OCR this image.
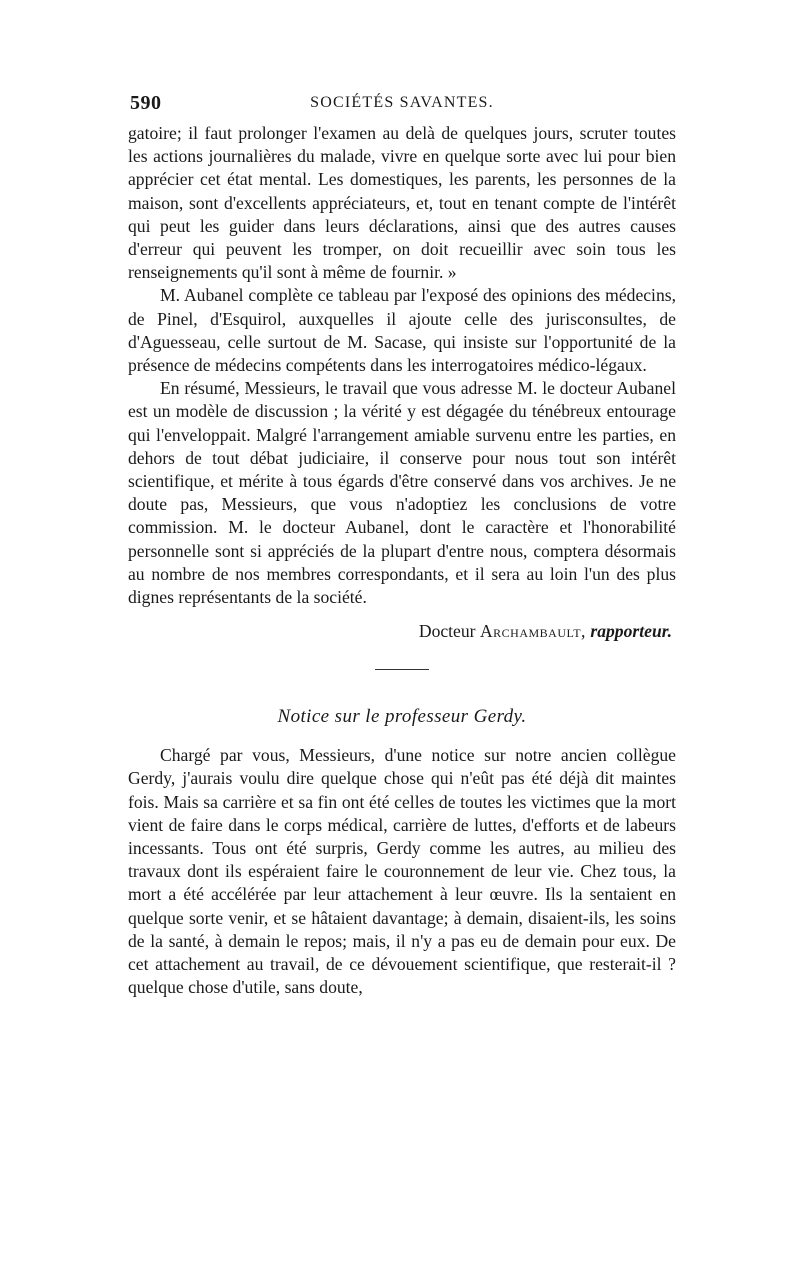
590	SOCIÉTÉS SAVANTES.

gatoire; il faut prolonger l'examen au delà de quelques jours, scruter toutes les actions journalières du malade, vivre en quelque sorte avec lui pour bien apprécier cet état mental. Les domestiques, les parents, les personnes de la maison, sont d'excellents appréciateurs, et, tout en tenant compte de l'intérêt qui peut les guider dans leurs déclarations, ainsi que des autres causes d'erreur qui peuvent les tromper, on doit recueillir avec soin tous les renseignements qu'il sont à même de fournir. »

M. Aubanel complète ce tableau par l'exposé des opinions des médecins, de Pinel, d'Esquirol, auxquelles il ajoute celle des jurisconsultes, de d'Aguesseau, celle surtout de M. Sacase, qui insiste sur l'opportunité de la présence de médecins compétents dans les interrogatoires médico-légaux.

En résumé, Messieurs, le travail que vous adresse M. le docteur Aubanel est un modèle de discussion ; la vérité y est dégagée du ténébreux entourage qui l'enveloppait. Malgré l'arrangement amiable survenu entre les parties, en dehors de tout débat judiciaire, il conserve pour nous tout son intérêt scientifique, et mérite à tous égards d'être conservé dans vos archives. Je ne doute pas, Messieurs, que vous n'adoptiez les conclusions de votre commission. M. le docteur Aubanel, dont le caractère et l'honorabilité personnelle sont si appréciés de la plupart d'entre nous, comptera désormais au nombre de nos membres correspondants, et il sera au loin l'un des plus dignes représentants de la société.

Docteur Archambault, rapporteur.
Notice sur le professeur Gerdy.

Chargé par vous, Messieurs, d'une notice sur notre ancien collègue Gerdy, j'aurais voulu dire quelque chose qui n'eût pas été déjà dit maintes fois. Mais sa carrière et sa fin ont été celles de toutes les victimes que la mort vient de faire dans le corps médical, carrière de luttes, d'efforts et de labeurs incessants. Tous ont été surpris, Gerdy comme les autres, au milieu des travaux dont ils espéraient faire le couronnement de leur vie. Chez tous, la mort a été accélérée par leur attachement à leur œuvre. Ils la sentaient en quelque sorte venir, et se hâtaient davantage; à demain, disaient-ils, les soins de la santé, à demain le repos; mais, il n'y a pas eu de demain pour eux. De cet attachement au travail, de ce dévouement scientifique, que resterait-il ? quelque chose d'utile, sans doute,
